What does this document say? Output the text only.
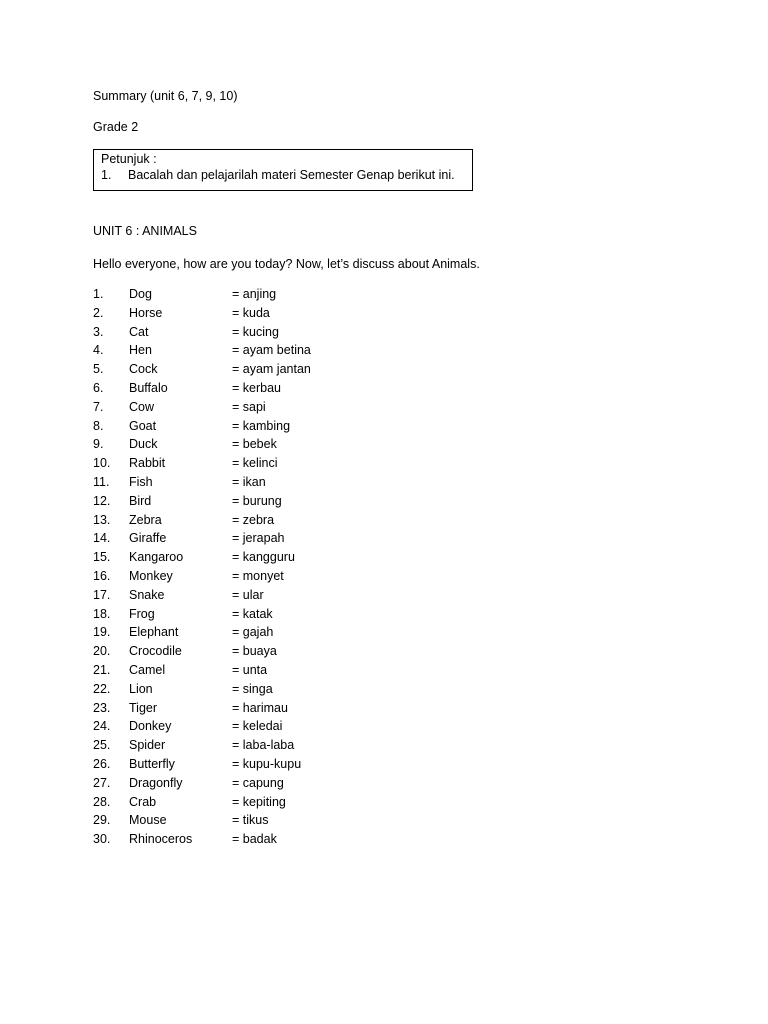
Summary (unit 6, 7, 9, 10)
Grade 2
Petunjuk :
1. Bacalah dan pelajarilah materi Semester Genap berikut ini.
UNIT 6 : ANIMALS
Hello everyone, how are you today? Now, let’s discuss about Animals.
1. Dog	= anjing
2. Horse	= kuda
3. Cat	= kucing
4. Hen	= ayam betina
5. Cock	= ayam jantan
6. Buffalo	= kerbau
7. Cow	= sapi
8. Goat	= kambing
9. Duck	= bebek
10. Rabbit	= kelinci
11. Fish	= ikan
12. Bird	= burung
13. Zebra	= zebra
14. Giraffe	= jerapah
15. Kangaroo	= kangguru
16. Monkey	= monyet
17. Snake	= ular
18. Frog	= katak
19. Elephant	= gajah
20. Crocodile	= buaya
21. Camel	= unta
22. Lion	= singa
23. Tiger	= harimau
24. Donkey	= keledai
25. Spider	= laba-laba
26. Butterfly	= kupu-kupu
27. Dragonfly	= capung
28. Crab	= kepiting
29. Mouse	= tikus
30. Rhinoceros	= badak
